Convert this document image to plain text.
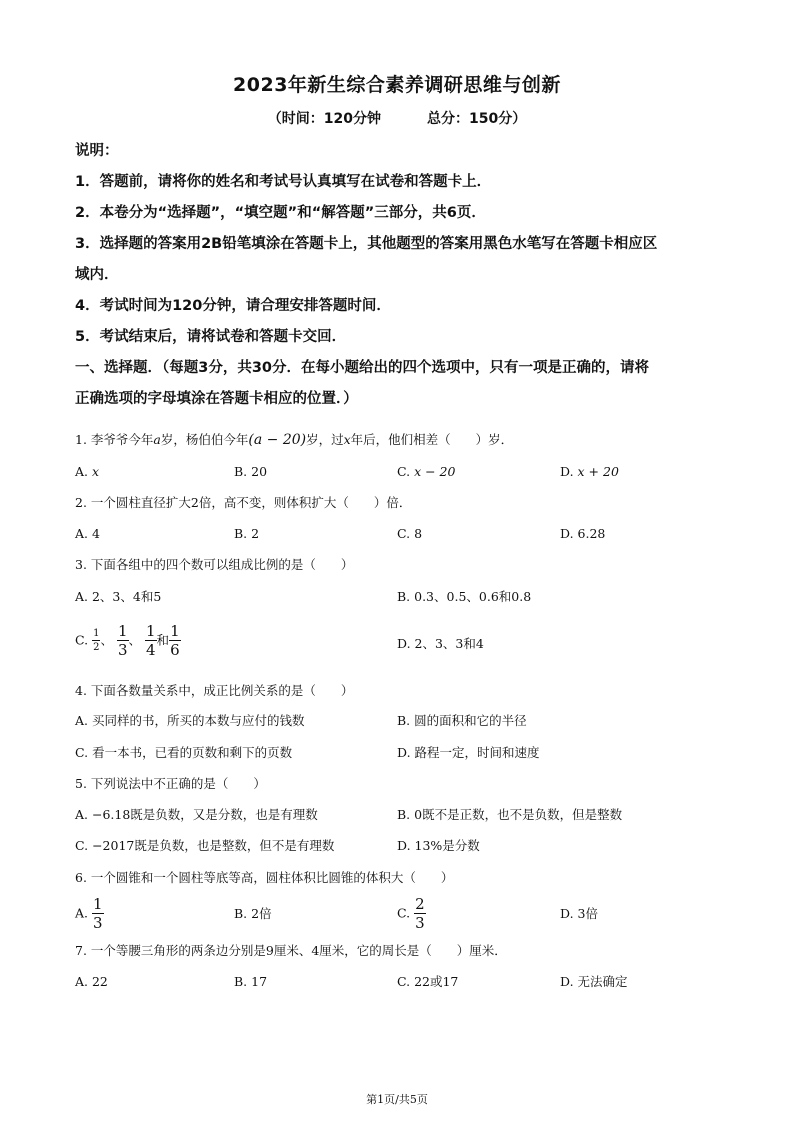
2023年新生综合素养调研思维与创新
（时间：120分钟	总分：150分）
说明：
1．答题前，请将你的姓名和考试号认真填写在试卷和答题卡上．
2．本卷分为“选择题”，“填空题”和“解答题”三部分，共6页．
3．选择题的答案用2B铅笔填涂在答题卡上，其他题型的答案用黑色水笔写在答题卡相应区
域内．
4．考试时间为120分钟，请合理安排答题时间．
5．考试结束后，请将试卷和答题卡交回．
一、选择题．（每题3分，共30分．在每小题给出的四个选项中，只有一项是正确的，请将
正确选项的字母填涂在答题卡相应的位置．）
1. 李爷爷今年a岁，杨伯伯今年(a − 20)岁，过x年后，他们相差（　　）岁．
A. x	B. 20	C. x − 20	D. x + 20
2. 一个圆柱直径扩大2倍，高不变，则体积扩大（　　）倍．
A. 4	B. 2	C. 8	D. 6.28
3. 下面各组中的四个数可以组成比例的是（　　）
A. 2、3、4和5	B. 0.3、0.5、0.6和0.8
C. $\frac{1}{2}$ 、 $\frac{1}{3}$ 、 $\frac{1}{4}$ 和 $\frac{1}{6}$	D. 2、3、3和4
4. 下面各数量关系中，成正比例关系的是（　　）
A. 买同样的书，所买的本数与应付的钱数	B. 圆的面积和它的半径
C. 看一本书，已看的页数和剩下的页数	D. 路程一定，时间和速度
5. 下列说法中不正确的是（　　）
A. −6.18既是负数，又是分数，也是有理数	B. 0既不是正数，也不是负数，但是整数
C. −2017既是负数，也是整数，但不是有理数	D. 13%是分数
6. 一个圆锥和一个圆柱等底等高，圆柱体积比圆锥的体积大（　　）
A. $\frac{1}{3}$	B. 2倍	C. $\frac{2}{3}$	D. 3倍
7. 一个等腰三角形的两条边分别是9厘米、4厘米，它的周长是（　　）厘米．
A. 22	B. 17	C. 22或17	D. 无法确定
第1页/共5页
